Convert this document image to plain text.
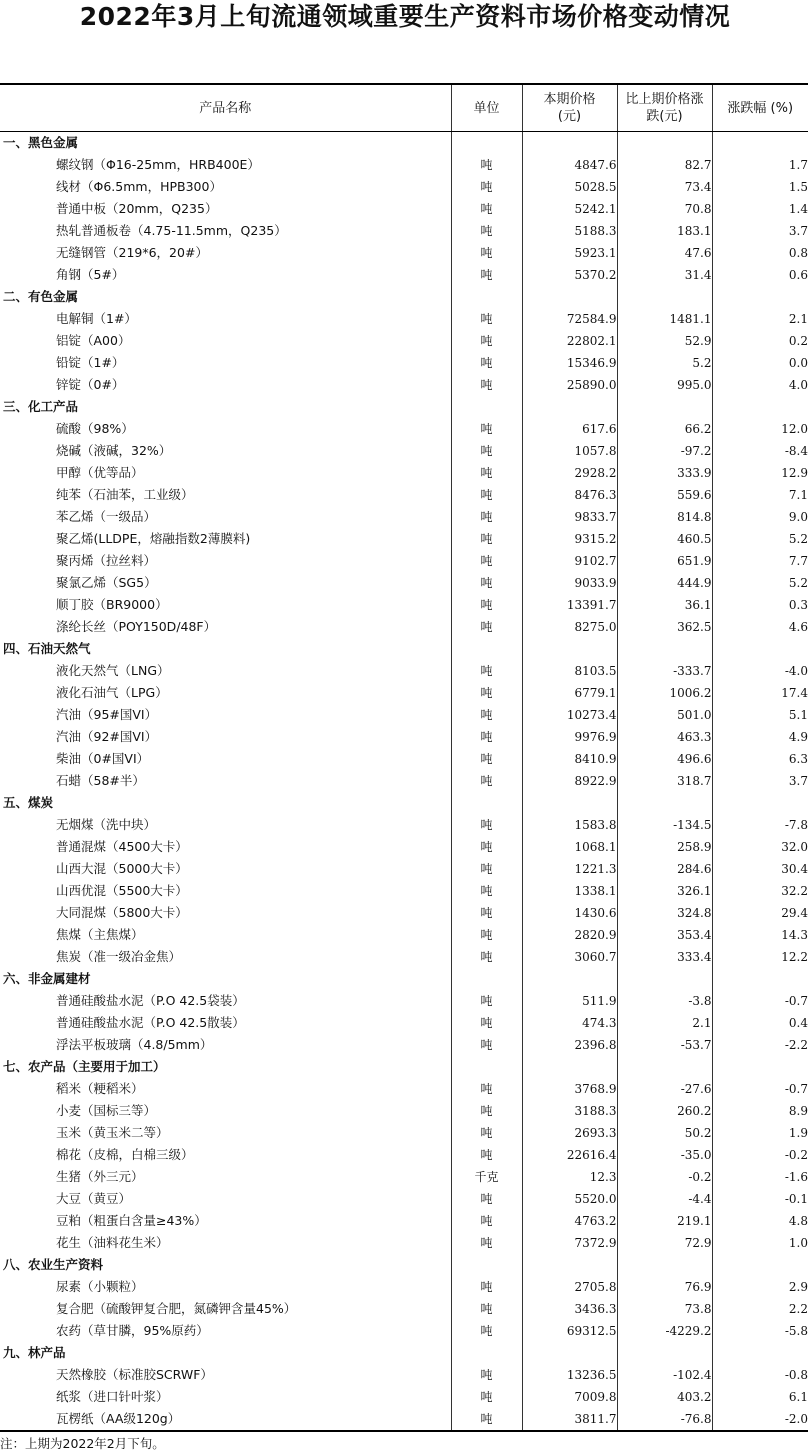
2022年3月上旬流通领域重要生产资料市场价格变动情况
产品名称	单位	本期价格(元)	比上期价格涨跌(元)	涨跌幅 (%)
一、黑色金属				
螺纹钢（Φ16-25mm，HRB400E）	吨	4847.6	82.7	1.7
线材（Φ6.5mm，HPB300）	吨	5028.5	73.4	1.5
普通中板（20mm，Q235）	吨	5242.1	70.8	1.4
热轧普通板卷（4.75-11.5mm，Q235）	吨	5188.3	183.1	3.7
无缝钢管（219*6，20#）	吨	5923.1	47.6	0.8
角钢（5#）	吨	5370.2	31.4	0.6
二、有色金属				
电解铜（1#）	吨	72584.9	1481.1	2.1
铝锭（A00）	吨	22802.1	52.9	0.2
铅锭（1#）	吨	15346.9	5.2	0.0
锌锭（0#）	吨	25890.0	995.0	4.0
三、化工产品				
硫酸（98%）	吨	617.6	66.2	12.0
烧碱（液碱，32%）	吨	1057.8	-97.2	-8.4
甲醇（优等品）	吨	2928.2	333.9	12.9
纯苯（石油苯，工业级）	吨	8476.3	559.6	7.1
苯乙烯（一级品）	吨	9833.7	814.8	9.0
聚乙烯(LLDPE，熔融指数2薄膜料)	吨	9315.2	460.5	5.2
聚丙烯（拉丝料）	吨	9102.7	651.9	7.7
聚氯乙烯（SG5）	吨	9033.9	444.9	5.2
顺丁胶（BR9000）	吨	13391.7	36.1	0.3
涤纶长丝（POY150D/48F）	吨	8275.0	362.5	4.6
四、石油天然气				
液化天然气（LNG）	吨	8103.5	-333.7	-4.0
液化石油气（LPG）	吨	6779.1	1006.2	17.4
汽油（95#国VI）	吨	10273.4	501.0	5.1
汽油（92#国VI）	吨	9976.9	463.3	4.9
柴油（0#国VI）	吨	8410.9	496.6	6.3
石蜡（58#半）	吨	8922.9	318.7	3.7
五、煤炭				
无烟煤（洗中块）	吨	1583.8	-134.5	-7.8
普通混煤（4500大卡）	吨	1068.1	258.9	32.0
山西大混（5000大卡）	吨	1221.3	284.6	30.4
山西优混（5500大卡）	吨	1338.1	326.1	32.2
大同混煤（5800大卡）	吨	1430.6	324.8	29.4
焦煤（主焦煤）	吨	2820.9	353.4	14.3
焦炭（准一级冶金焦）	吨	3060.7	333.4	12.2
六、非金属建材				
普通硅酸盐水泥（P.O 42.5袋装）	吨	511.9	-3.8	-0.7
普通硅酸盐水泥（P.O 42.5散装）	吨	474.3	2.1	0.4
浮法平板玻璃（4.8/5mm）	吨	2396.8	-53.7	-2.2
七、农产品（主要用于加工）				
稻米（粳稻米）	吨	3768.9	-27.6	-0.7
小麦（国标三等）	吨	3188.3	260.2	8.9
玉米（黄玉米二等）	吨	2693.3	50.2	1.9
棉花（皮棉，白棉三级）	吨	22616.4	-35.0	-0.2
生猪（外三元）	千克	12.3	-0.2	-1.6
大豆（黄豆）	吨	5520.0	-4.4	-0.1
豆粕（粗蛋白含量≥43%）	吨	4763.2	219.1	4.8
花生（油料花生米）	吨	7372.9	72.9	1.0
八、农业生产资料				
尿素（小颗粒）	吨	2705.8	76.9	2.9
复合肥（硫酸钾复合肥，氮磷钾含量45%）	吨	3436.3	73.8	2.2
农药（草甘膦，95%原药）	吨	69312.5	-4229.2	-5.8
九、林产品				
天然橡胶（标准胶SCRWF）	吨	13236.5	-102.4	-0.8
纸浆（进口针叶浆）	吨	7009.8	403.2	6.1
瓦楞纸（AA级120g）	吨	3811.7	-76.8	-2.0
注：上期为2022年2月下旬。
